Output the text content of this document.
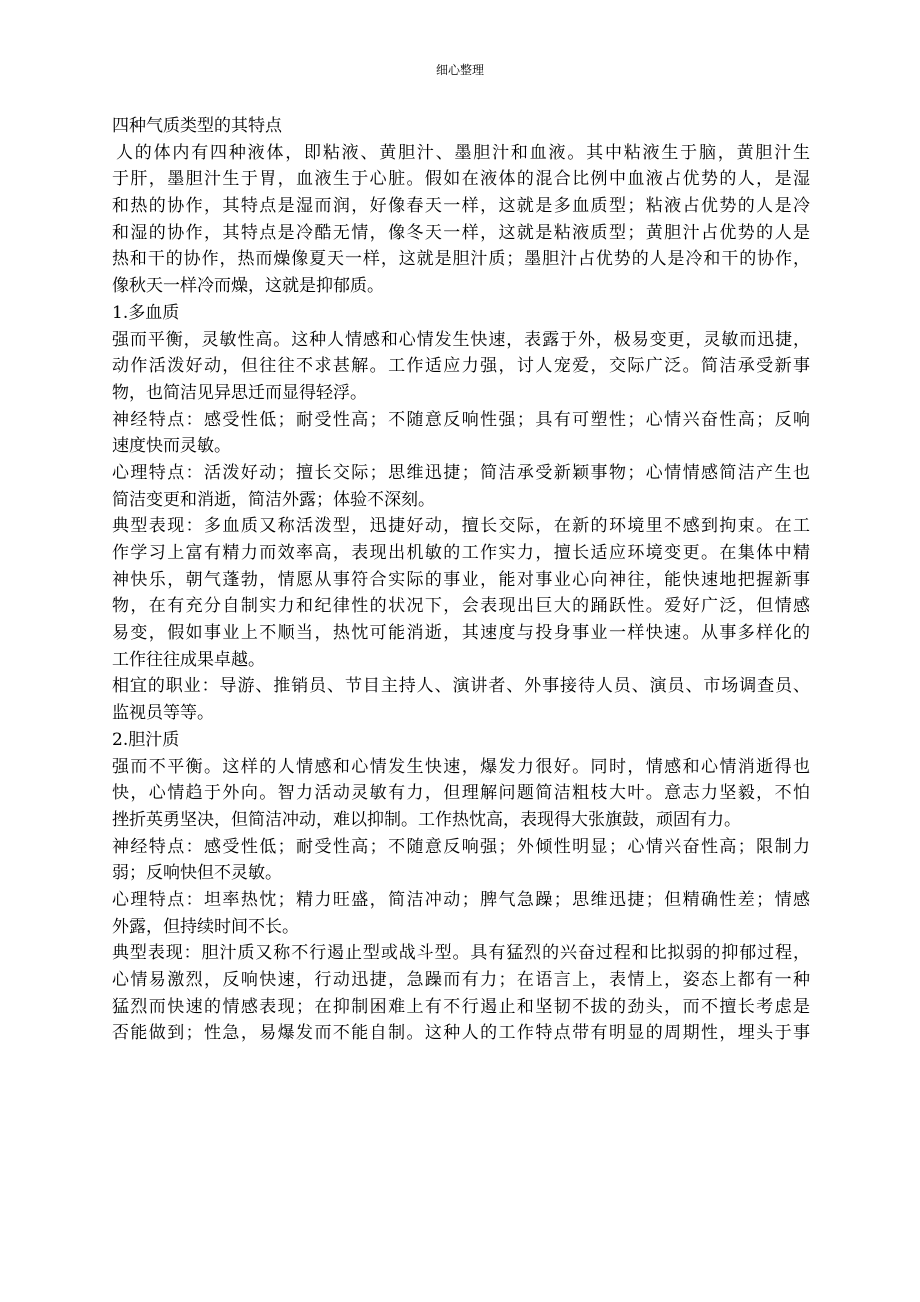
细心整理
四种气质类型的其特点
人的体内有四种液体，即粘液、黄胆汁、墨胆汁和血液。其中粘液生于脑，黄胆汁生
于肝，墨胆汁生于胃，血液生于心脏。假如在液体的混合比例中血液占优势的人，是湿
和热的协作，其特点是湿而润，好像春天一样，这就是多血质型；粘液占优势的人是冷
和湿的协作，其特点是冷酷无情，像冬天一样，这就是粘液质型；黄胆汁占优势的人是
热和干的协作，热而燥像夏天一样，这就是胆汁质；墨胆汁占优势的人是冷和干的协作，
像秋天一样冷而燥，这就是抑郁质。
1.多血质
强而平衡，灵敏性高。这种人情感和心情发生快速，表露于外，极易变更，灵敏而迅捷，
动作活泼好动，但往往不求甚解。工作适应力强，讨人宠爱，交际广泛。简洁承受新事
物，也简洁见异思迁而显得轻浮。
神经特点：感受性低；耐受性高；不随意反响性强；具有可塑性；心情兴奋性高；反响
速度快而灵敏。
心理特点：活泼好动；擅长交际；思维迅捷；简洁承受新颖事物；心情情感简洁产生也
简洁变更和消逝，简洁外露；体验不深刻。
典型表现：多血质又称活泼型，迅捷好动，擅长交际，在新的环境里不感到拘束。在工
作学习上富有精力而效率高，表现出机敏的工作实力，擅长适应环境变更。在集体中精
神快乐，朝气蓬勃，情愿从事符合实际的事业，能对事业心向神往，能快速地把握新事
物，在有充分自制实力和纪律性的状况下，会表现出巨大的踊跃性。爱好广泛，但情感
易变，假如事业上不顺当，热忱可能消逝，其速度与投身事业一样快速。从事多样化的
工作往往成果卓越。
相宜的职业：导游、推销员、节目主持人、演讲者、外事接待人员、演员、市场调查员、
监视员等等。
2.胆汁质
强而不平衡。这样的人情感和心情发生快速，爆发力很好。同时，情感和心情消逝得也
快，心情趋于外向。智力活动灵敏有力，但理解问题简洁粗枝大叶。意志力坚毅，不怕
挫折英勇坚决，但简洁冲动，难以抑制。工作热忱高，表现得大张旗鼓，顽固有力。
神经特点：感受性低；耐受性高；不随意反响强；外倾性明显；心情兴奋性高；限制力
弱；反响快但不灵敏。
心理特点：坦率热忱；精力旺盛，简洁冲动；脾气急躁；思维迅捷；但精确性差；情感
外露，但持续时间不长。
典型表现：胆汁质又称不行遏止型或战斗型。具有猛烈的兴奋过程和比拟弱的抑郁过程，
心情易激烈，反响快速，行动迅捷，急躁而有力；在语言上，表情上，姿态上都有一种
猛烈而快速的情感表现；在抑制困难上有不行遏止和坚韧不拔的劲头，而不擅长考虑是
否能做到；性急，易爆发而不能自制。这种人的工作特点带有明显的周期性，埋头于事
